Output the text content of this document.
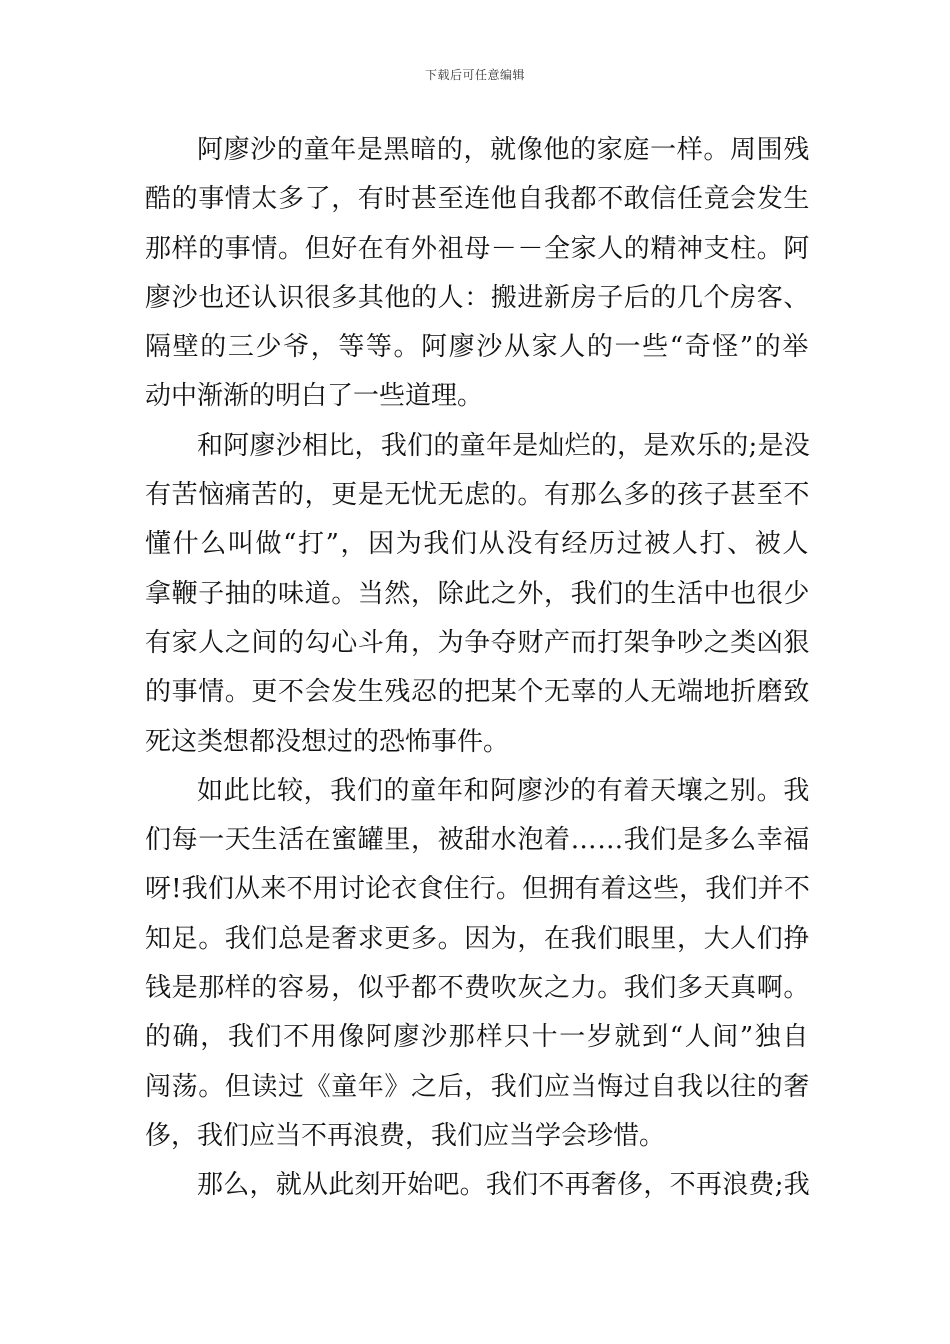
下载后可任意编辑

阿廖沙的童年是黑暗的，就像他的家庭一样。周围残

酷的事情太多了，有时甚至连他自我都不敢信任竟会发生

那样的事情。但好在有外祖母－－全家人的精神支柱。阿

廖沙也还认识很多其他的人：搬进新房子后的几个房客、

隔壁的三少爷，等等。阿廖沙从家人的一些“奇怪”的举

动中渐渐的明白了一些道理。

和阿廖沙相比，我们的童年是灿烂的，是欢乐的;是没

有苦恼痛苦的，更是无忧无虑的。有那么多的孩子甚至不

懂什么叫做“打”，因为我们从没有经历过被人打、被人

拿鞭子抽的味道。当然，除此之外，我们的生活中也很少

有家人之间的勾心斗角，为争夺财产而打架争吵之类凶狠

的事情。更不会发生残忍的把某个无辜的人无端地折磨致

死这类想都没想过的恐怖事件。

如此比较，我们的童年和阿廖沙的有着天壤之别。我

们每一天生活在蜜罐里，被甜水泡着……我们是多么幸福

呀!我们从来不用讨论衣食住行。但拥有着这些，我们并不

知足。我们总是奢求更多。因为，在我们眼里，大人们挣

钱是那样的容易，似乎都不费吹灰之力。我们多天真啊。

的确，我们不用像阿廖沙那样只十一岁就到“人间”独自

闯荡。但读过《童年》之后，我们应当悔过自我以往的奢

侈，我们应当不再浪费，我们应当学会珍惜。

那么，就从此刻开始吧。我们不再奢侈，不再浪费;我
